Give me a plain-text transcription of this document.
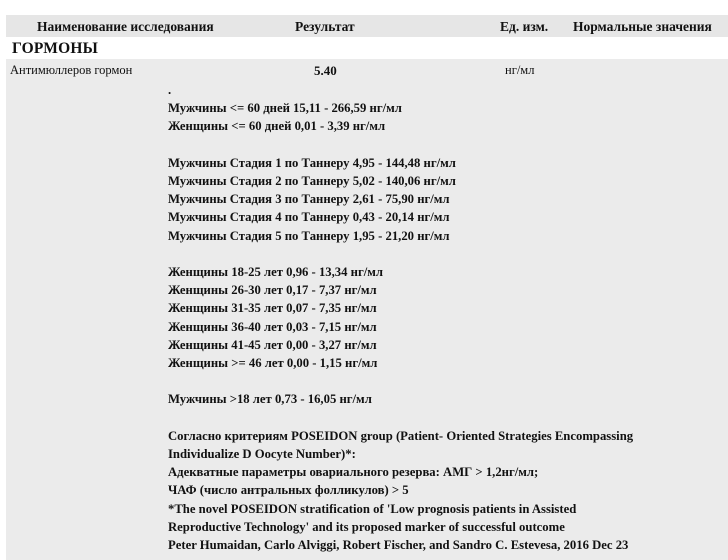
Наименование исследования	Результат	Ед. изм. Нормальные значения
ГОРМОНЫ
Антимюллеров гормон	5.40	нг/мл
.
Мужчины <= 60 дней 15,11 - 266,59 нг/мл
Женщины <= 60 дней 0,01 - 3,39 нг/мл
Мужчины Стадия 1 по Таннеру 4,95 - 144,48 нг/мл
Мужчины Стадия 2 по Таннеру 5,02 - 140,06 нг/мл
Мужчины Стадия 3 по Таннеру 2,61 - 75,90 нг/мл
Мужчины Стадия 4 по Таннеру 0,43 - 20,14 нг/мл
Мужчины Стадия 5 по Таннеру 1,95 - 21,20 нг/мл
Женщины 18-25 лет 0,96 - 13,34 нг/мл
Женщины 26-30 лет 0,17 - 7,37 нг/мл
Женщины 31-35 лет 0,07 - 7,35 нг/мл
Женщины 36-40 лет 0,03 - 7,15 нг/мл
Женщины 41-45 лет 0,00 - 3,27 нг/мл
Женщины >= 46 лет 0,00 - 1,15 нг/мл
Мужчины >18 лет 0,73 - 16,05 нг/мл
Согласно критериям POSEIDON group (Patient- Oriented Strategies Encompassing
Individualize D Oocyte Number)*:
Адекватные параметры овариального резерва: АМГ > 1,2нг/мл;
ЧАФ (число антральных фолликулов) > 5
*The novel POSEIDON stratification of 'Low prognosis patients in Assisted
Reproductive Technology' and its proposed marker of successful outcome
Peter Humaidan, Carlo Alviggi, Robert Fischer, and Sandro C. Estevesa, 2016 Dec 23
